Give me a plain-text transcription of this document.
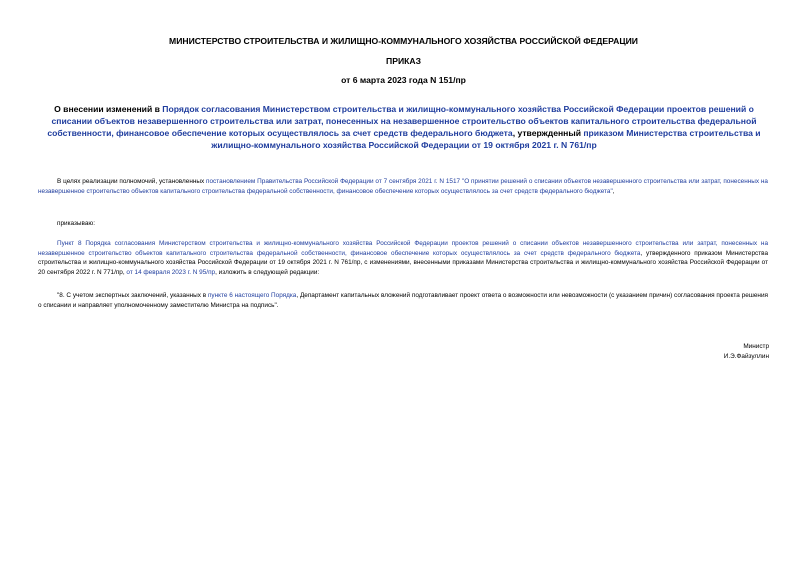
МИНИСТЕРСТВО СТРОИТЕЛЬСТВА И ЖИЛИЩНО-КОММУНАЛЬНОГО ХОЗЯЙСТВА РОССИЙСКОЙ ФЕДЕРАЦИИ
ПРИКАЗ
от 6 марта 2023 года N 151/пр
О внесении изменений в Порядок согласования Министерством строительства и жилищно-коммунального хозяйства Российской Федерации проектов решений о списании объектов незавершенного строительства или затрат, понесенных на незавершенное строительство объектов капитального строительства федеральной собственности, финансовое обеспечение которых осуществлялось за счет средств федерального бюджета, утвержденный приказом Министерства строительства и жилищно-коммунального хозяйства Российской Федерации от 19 октября 2021 г. N 761/пр
В целях реализации полномочий, установленных постановлением Правительства Российской Федерации от 7 сентября 2021 г. N 1517 "О принятии решений о списании объектов незавершенного строительства или затрат, понесенных на незавершенное строительство объектов капитального строительства федеральной собственности, финансовое обеспечение которых осуществлялось за счет средств федерального бюджета",
приказываю:
Пункт 8 Порядка согласования Министерством строительства и жилищно-коммунального хозяйства Российской Федерации проектов решений о списании объектов незавершенного строительства или затрат, понесенных на незавершенное строительство объектов капитального строительства федеральной собственности, финансовое обеспечение которых осуществлялось за счет средств федерального бюджета, утвержденного приказом Министерства строительства и жилищно-коммунального хозяйства Российской Федерации от 19 октября 2021 г. N 761/пр, с изменениями, внесенными приказами Министерства строительства и жилищно-коммунального хозяйства Российской Федерации от 20 сентября 2022 г. N 771/пр, от 14 февраля 2023 г. N 95/пр, изложить в следующей редакции:
"8. С учетом экспертных заключений, указанных в пункте 6 настоящего Порядка, Департамент капитальных вложений подготавливает проект ответа о возможности или невозможности (с указанием причин) согласования проекта решения о списании и направляет уполномоченному заместителю Министра на подпись".
Министр
И.Э.Файзуллин
